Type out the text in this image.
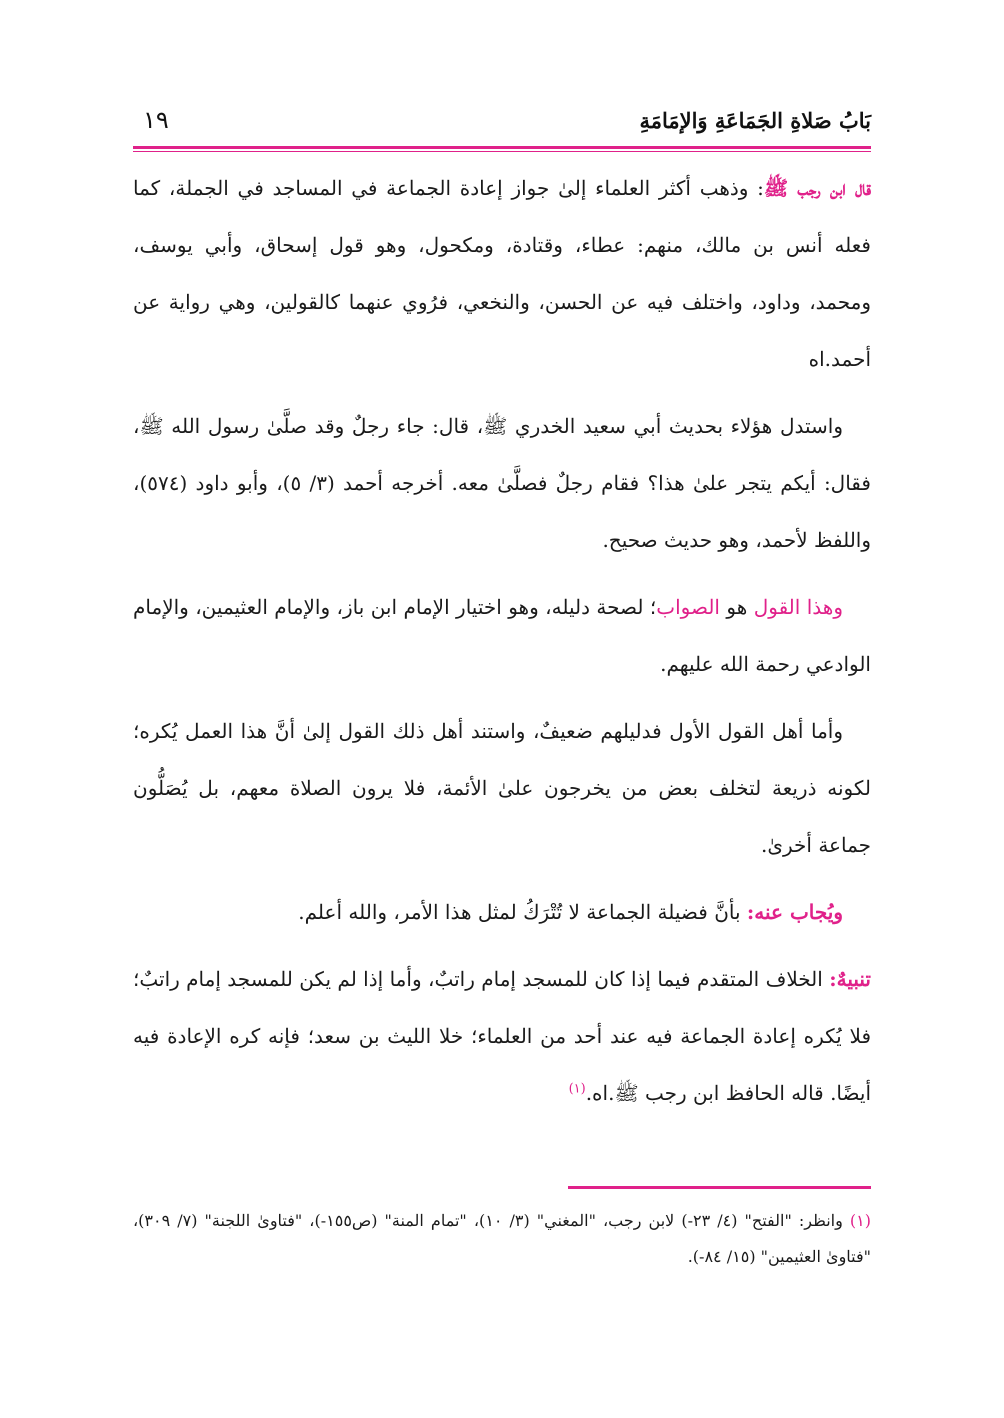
بَابُ صَلاةِ الجَمَاعَةِ وَالإمَامَةِ
١٩

قال ابن رجب ﷺ: وذهب أكثر العلماء إلىٰ جواز إعادة الجماعة في المساجد في الجملة، كما فعله أنس بن مالك، منهم: عطاء، وقتادة، ومكحول، وهو قول إسحاق، وأبي يوسف، ومحمد، وداود، واختلف فيه عن الحسن، والنخعي، فرُوي عنهما كالقولين، وهي رواية عن أحمد.اه

واستدل هؤلاء بحديث أبي سعيد الخدري ﷺ، قال: جاء رجلٌ وقد صلَّىٰ رسول الله ﷺ، فقال: أيكم يتجر علىٰ هذا؟ فقام رجلٌ فصلَّىٰ معه. أخرجه أحمد (٣/ ٥)، وأبو داود (٥٧٤)، واللفظ لأحمد، وهو حديث صحيح.

وهذا القول هو الصواب؛ لصحة دليله، وهو اختيار الإمام ابن باز، والإمام العثيمين، والإمام الوادعي رحمة الله عليهم.

وأما أهل القول الأول فدليلهم ضعيفٌ، واستند أهل ذلك القول إلىٰ أنَّ هذا العمل يُكره؛ لكونه ذريعة لتخلف بعض من يخرجون علىٰ الأئمة، فلا يرون الصلاة معهم، بل يُصَلُّون جماعة أخرىٰ.

ويُجاب عنه: بأنَّ فضيلة الجماعة لا تُتْرَكُ لمثل هذا الأمر، والله أعلم.

تنبيهٌ: الخلاف المتقدم فيما إذا كان للمسجد إمام راتبٌ، وأما إذا لم يكن للمسجد إمام راتبٌ؛ فلا يُكره إعادة الجماعة فيه عند أحد من العلماء؛ خلا الليث بن سعد؛ فإنه كره الإعادة فيه أيضًا. قاله الحافظ ابن رجب ﷺ.اه.$^{(١)}$

(١) وانظر: "الفتح" (٤/ ٢٣-) لابن رجب، "المغني" (٣/ ١٠)، "تمام المنة" (ص١٥٥-)، "فتاوىٰ اللجنة" (٧/ ٣٠٩)، "فتاوىٰ العثيمين" (١٥/ ٨٤-).
